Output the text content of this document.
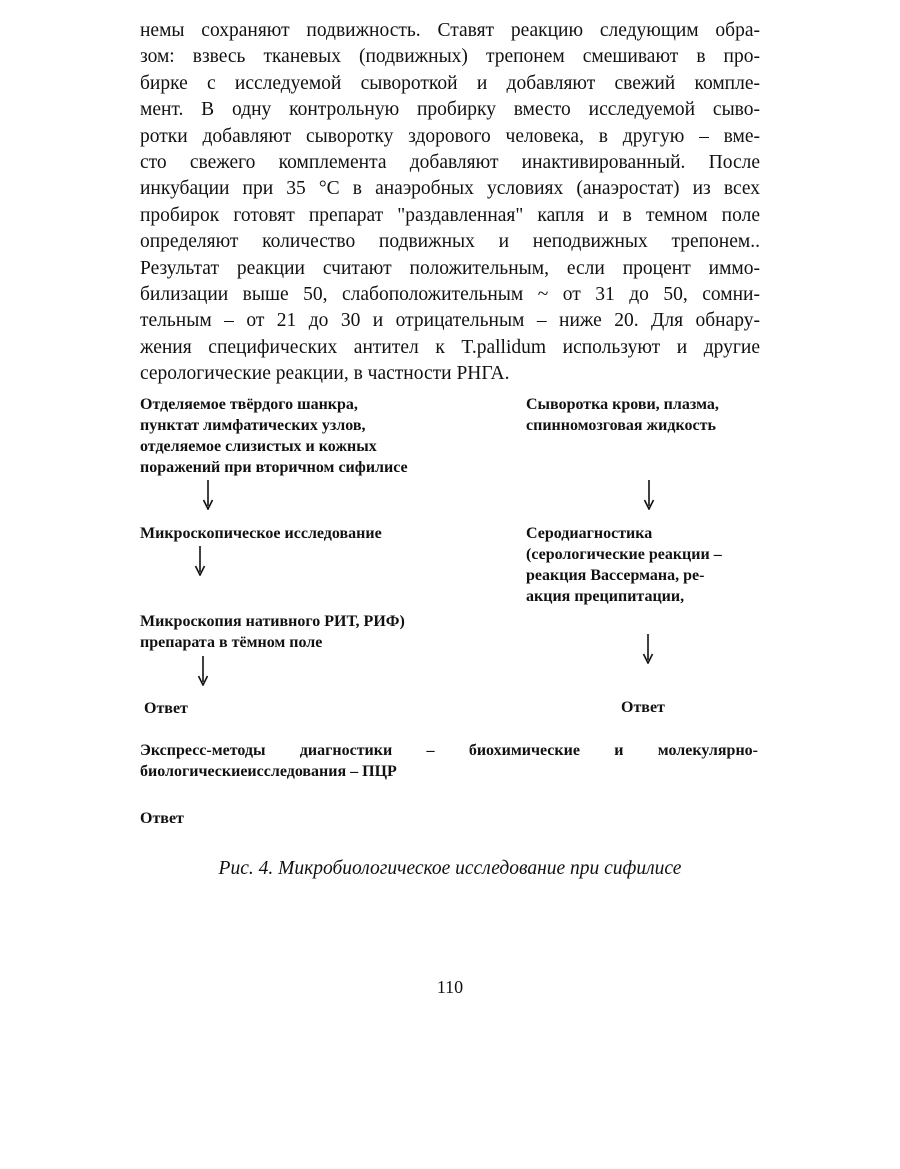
немы сохраняют подвижность. Ставят реакцию следующим обра-
зом: взвесь тканевых (подвижных) трепонем смешивают в про-
бирке с исследуемой сывороткой и добавляют свежий компле-
мент. В одну контрольную пробирку вместо исследуемой сыво-
ротки добавляют сыворотку здорового человека, в другую – вме-
сто свежего комплемента добавляют инактивированный. После
инкубации при 35 °С в анаэробных условиях (анаэростат) из всех
пробирок готовят препарат "раздавленная" капля и в темном поле
определяют количество подвижных и неподвижных трепонем..
Результат реакции считают положительным, если процент иммо-
билизации выше 50, слабоположительным ~ от 31 до 50, сомни-
тельным – от 21 до 30 и отрицательным – ниже 20. Для обнару-
жения специфических антител к T.pallidum используют и другие
серологические реакции, в частности РНГА.
Отделяемое твёрдого шанкра,
пунктат лимфатических узлов,
отделяемое слизистых и кожных
поражений при вторичном сифилисе
Микроскопическое исследование
Микроскопия нативного РИТ, РИФ)
препарата в тёмном поле
Ответ
Сыворотка крови, плазма,
спинномозговая жидкость
Серодиагностика
(серологические реакции –
реакция Вассермана, ре-
акция преципитации,
Ответ
Экспресс-методы диагностики – биохимические и молекулярно-
биологическиеисследования – ПЦР
Ответ

Рис. 4. Микробиологическое исследование при сифилисе

110
